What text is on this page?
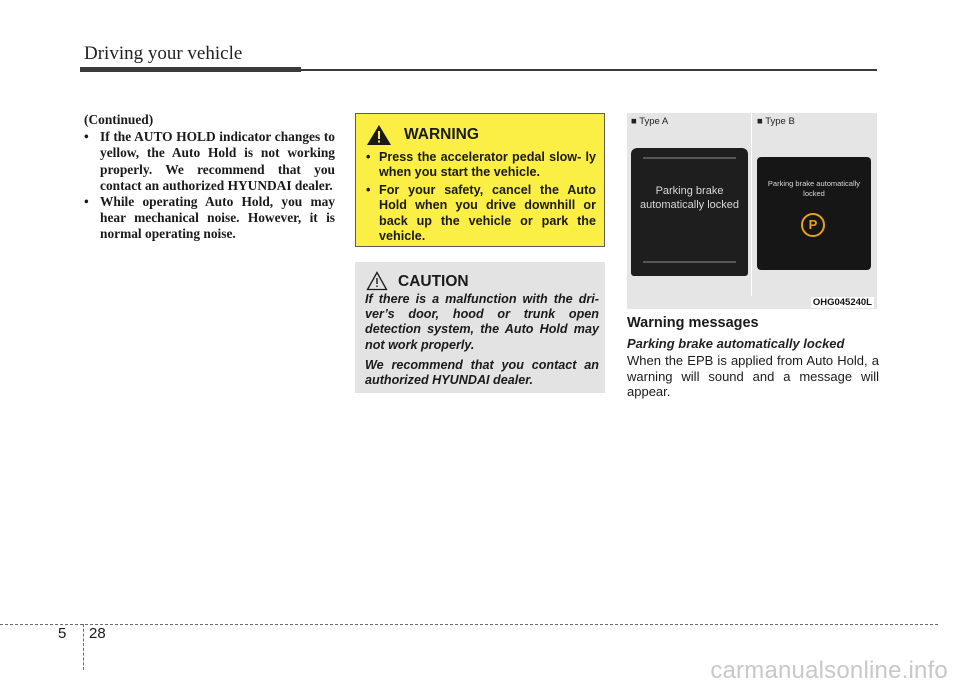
Driving your vehicle
(Continued)
• If the AUTO HOLD indicator changes to yellow, the Auto Hold is not working properly. We recommend that you contact an authorized HYUNDAI dealer.
• While operating Auto Hold, you may hear mechanical noise. However, it is normal operating noise.
WARNING
• Press the accelerator pedal slow- ly when you start the vehicle.
• For your safety, cancel the Auto Hold when you drive downhill or back up the vehicle or park the vehicle.
CAUTION

If there is a malfunction with the dri- ver’s door, hood or trunk open detection system, the Auto Hold may not work properly.

We recommend that you contact an authorized HYUNDAI dealer.

■ Type A	■ Type B
Parking brake automatically locked
Parking brake automatically locked
P
OHG045240L
Warning messages
Parking brake automatically locked
When the EPB is applied from Auto Hold, a warning will sound and a message will appear.
5 28
carmanualsonline.info
